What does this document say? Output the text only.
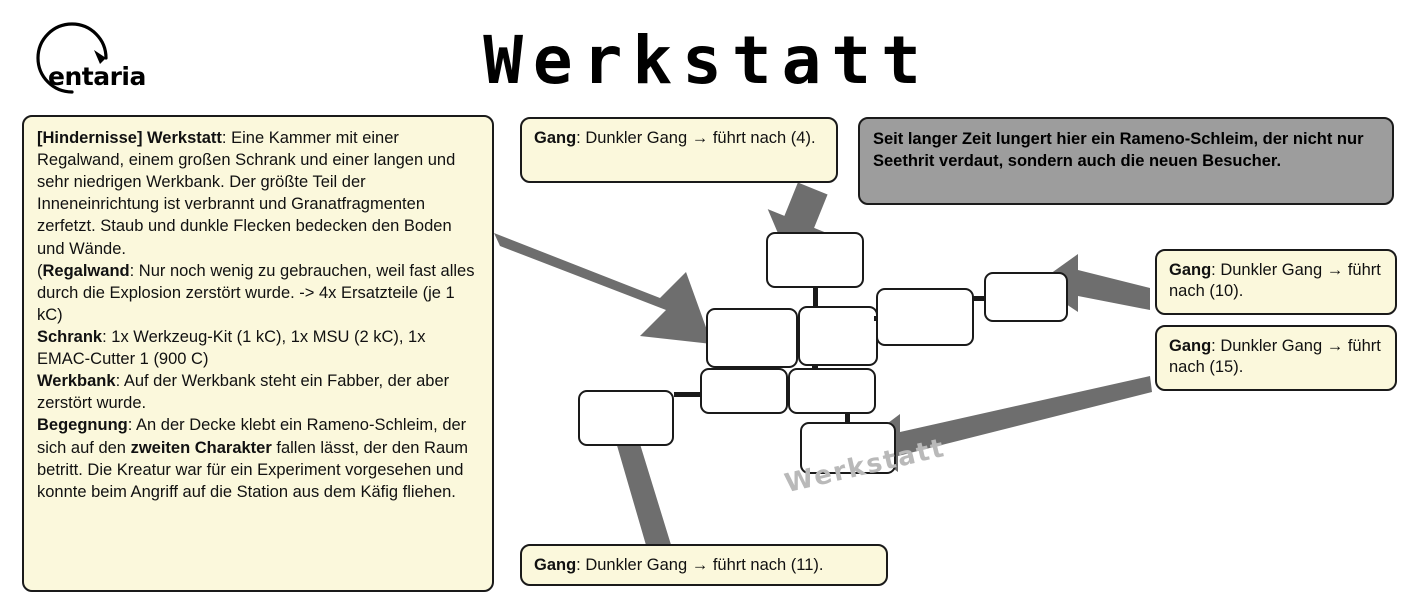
entaria	Werkstatt
Werkstatt

[Hindernisse] Werkstatt: Eine Kammer mit einer Regalwand, einem großen Schrank und einer langen und sehr niedrigen Werkbank. Der größte Teil der Inneneinrichtung ist verbrannt und Granatfragmenten zerfetzt. Staub und dunkle Flecken bedecken den Boden und Wände.

(Regalwand: Nur noch wenig zu gebrauchen, weil fast alles durch die Explosion zerstört wurde. -> 4x Ersatzteile (je 1 kC)

Schrank: 1x Werkzeug-Kit (1 kC), 1x MSU (2 kC), 1x EMAC-Cutter 1 (900 C)

Werkbank: Auf der Werkbank steht ein Fabber, der aber zerstört wurde.

Begegnung: An der Decke klebt ein Rameno-Schleim, der sich auf den zweiten Charakter fallen lässt, der den Raum betritt. Die Kreatur war für ein Experiment vorgesehen und konnte beim Angriff auf die Station aus dem Käfig fliehen.

Gang: Dunkler Gang → führt nach (4).
Gang: Dunkler Gang → führt nach (10).
Gang: Dunkler Gang → führt nach (15).
Gang: Dunkler Gang → führt nach (11).
Seit langer Zeit lungert hier ein Rameno-Schleim, der nicht nur Seethrit verdaut, sondern auch die neuen Besucher.
